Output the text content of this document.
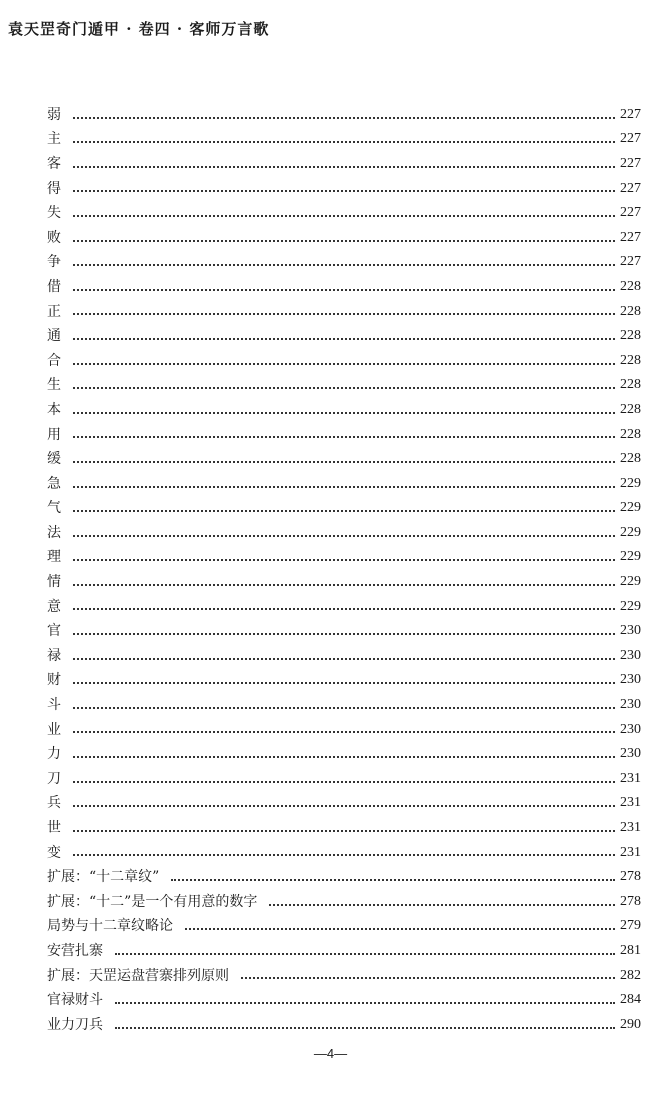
袁天罡奇门遁甲 · 卷四 · 客师万言歌
弱	227
主	227
客	227
得	227
失	227
败	227
争	227
借	228
正	228
通	228
合	228
生	228
本	228
用	228
缓	228
急	229
气	229
法	229
理	229
情	229
意	229
官	230
禄	230
财	230
斗	230
业	230
力	230
刀	231
兵	231
世	231
变	231
扩展：“十二章纹”	278
扩展：“十二”是一个有用意的数字	278
局势与十二章纹略论	279
安营扎寨	281
扩展：天罡运盘营寨排列原则	282
官禄财斗	284
业力刀兵	290
—4—
